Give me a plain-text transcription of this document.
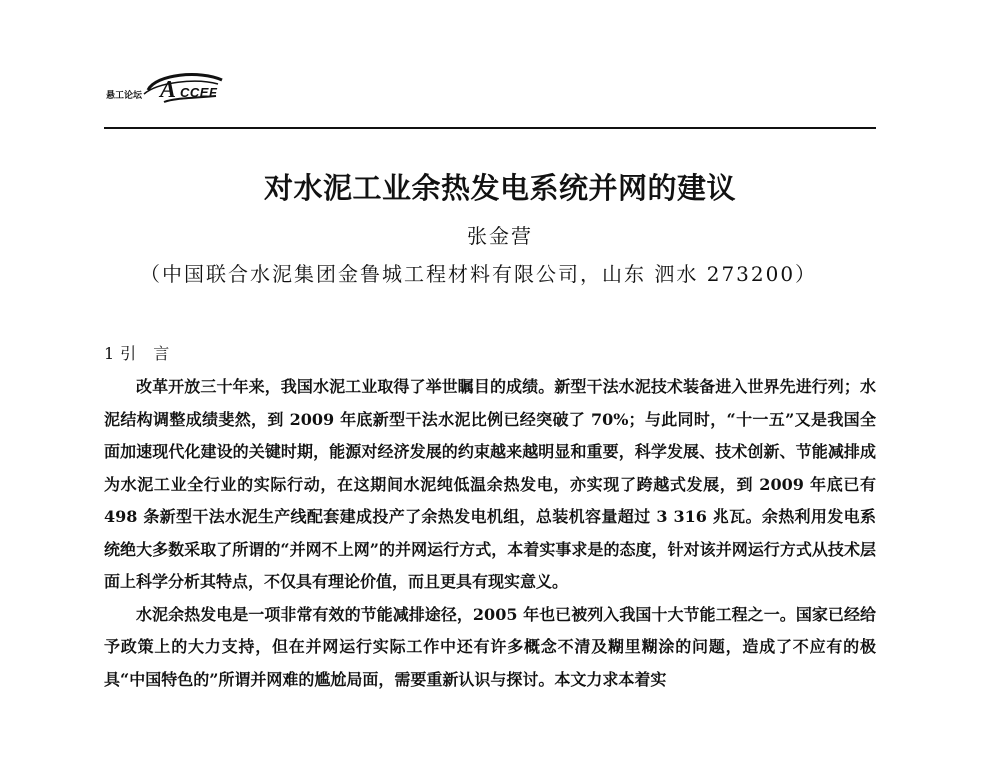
悬工论坛 A CCEF
对水泥工业余热发电系统并网的建议
张金营
（中国联合水泥集团金鲁城工程材料有限公司，山东 泗水 273200）
1引 言

改革开放三十年来，我国水泥工业取得了举世瞩目的成绩。新型干法水泥技术装备进入世界先进行列；水泥结构调整成绩斐然，到 2009 年底新型干法水泥比例已经突破了 70%；与此同时，“十一五”又是我国全面加速现代化建设的关键时期，能源对经济发展的约束越来越明显和重要，科学发展、技术创新、节能减排成为水泥工业全行业的实际行动，在这期间水泥纯低温余热发电，亦实现了跨越式发展，到 2009 年底已有 498 条新型干法水泥生产线配套建成投产了余热发电机组，总装机容量超过 3 316 兆瓦。余热利用发电系统绝大多数采取了所谓的“并网不上网”的并网运行方式，本着实事求是的态度，针对该并网运行方式从技术层面上科学分析其特点，不仅具有理论价值，而且更具有现实意义。

水泥余热发电是一项非常有效的节能减排途径，2005 年也已被列入我国十大节能工程之一。国家已经给予政策上的大力支持，但在并网运行实际工作中还有许多概念不清及糊里糊涂的问题，造成了不应有的极具“中国特色的”所谓并网难的尴尬局面，需要重新认识与探讨。本文力求本着实
